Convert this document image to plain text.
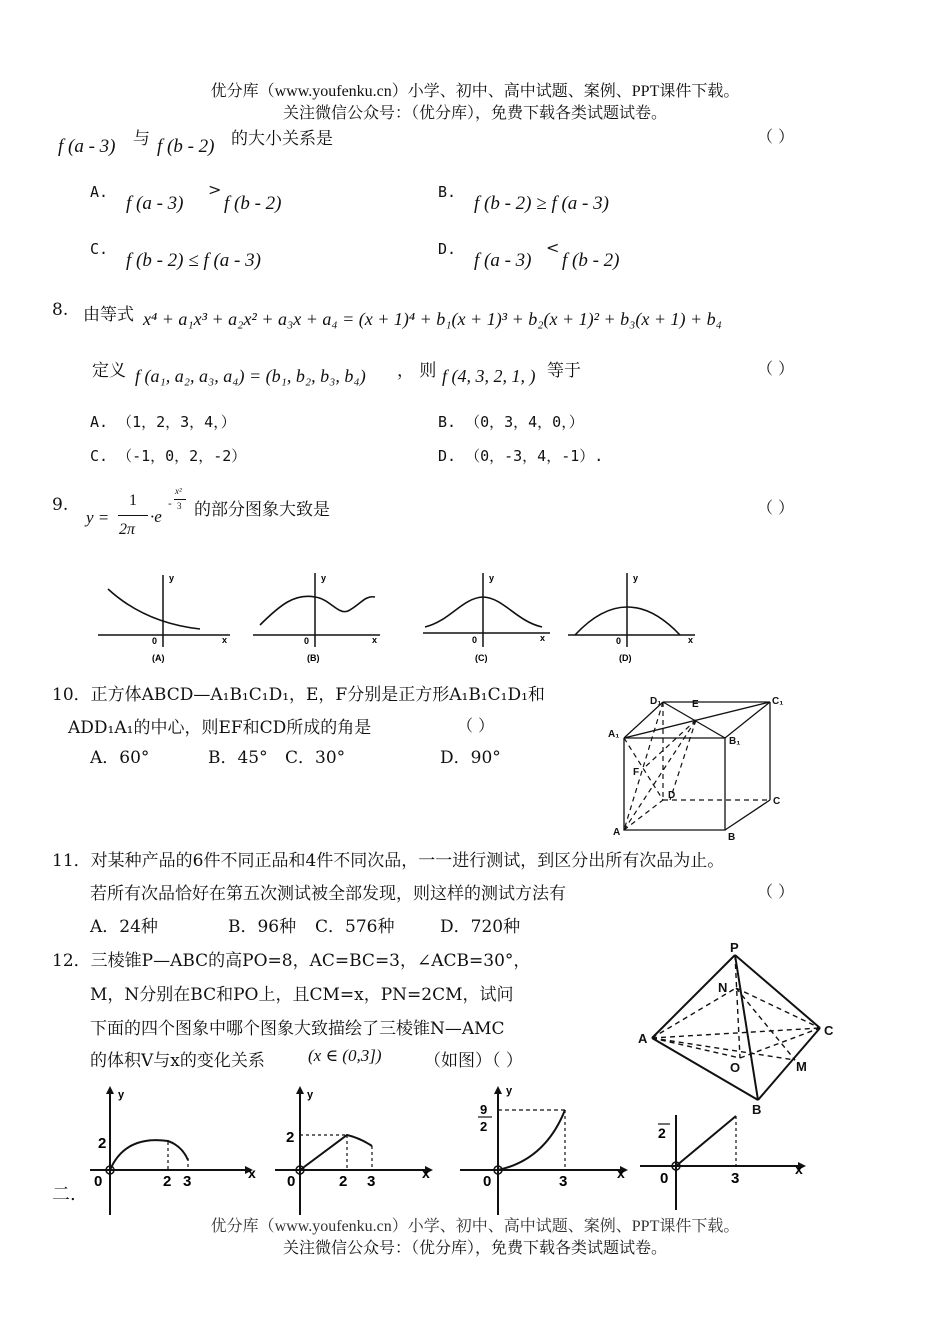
优分库（www.youfenku.cn）小学、初中、高中试题、案例、PPT课件下载。
关注微信公众号：（优分库），免费下载各类试题试卷。
f (a - 3) 与 f (b - 2) 的大小关系是	（ ）
A.
f (a - 3)
>
f (b - 2)
B.
f (b - 2) ≥ f (a - 3)
C.
f (b - 2) ≤ f (a - 3)
D.
f (a - 3)
<
f (b - 2)
8. 由等式 x⁴ + a₁x³ + a₂x² + a₃x + a₄ = (x + 1)⁴ + b₁(x + 1)³ + b₂(x + 1)² + b₃(x + 1) + b₄
定义 f (a₁, a₂, a₃, a₄) = (b₁, b₂, b₃, b₄) ， 则 f (4, 3, 2, 1, ) 等于	（ ）
A. （1，2，3，4，）	B. （0，3，4，0，）
C. （-1，0，2，-2）	D. （0，-3，4，-1）.
9.
y =
1
2π
·e
-
x²
3 的部分图象大致是	（ ）
y
x
0
(A)
y
x
0
(B)
y
x
0
(C)
y
x
0
(D)
10．正方体ABCD—A₁B₁C₁D₁，E，F分别是正方形A₁B₁C₁D₁和
ADD₁A₁的中心，则EF和CD所成的角是	（ ）
A．60°	B．45° C．30°	D．90°
D₁	E	C₁
A₁
B₁
F
D
C
A	B
11．对某种产品的6件不同正品和4件不同次品，一一进行测试，到区分出所有次品为止。
若所有次品恰好在第五次测试被全部发现，则这样的测试方法有	（ ）
A．24种	B．96种 C．576种	D．720种
12．三棱锥P—ABC的高PO=8，AC=BC=3，∠ACB=30°，
M，N分别在BC和PO上，且CM=x，PN=2CM，试问
下面的四个图象中哪个图象大致描绘了三棱锥N—AMC
的体积V与x的变化关系	(x ∈ (0,3])	（如图）（ ）
P
N
A
C
O	M
B
y
x
2
0	2 3
y
x
2
0	2 3
y
x
9
2
0	3
x
2
0	3
二.
优分库（www.youfenku.cn）小学、初中、高中试题、案例、PPT课件下载。
关注微信公众号：（优分库），免费下载各类试题试卷。
